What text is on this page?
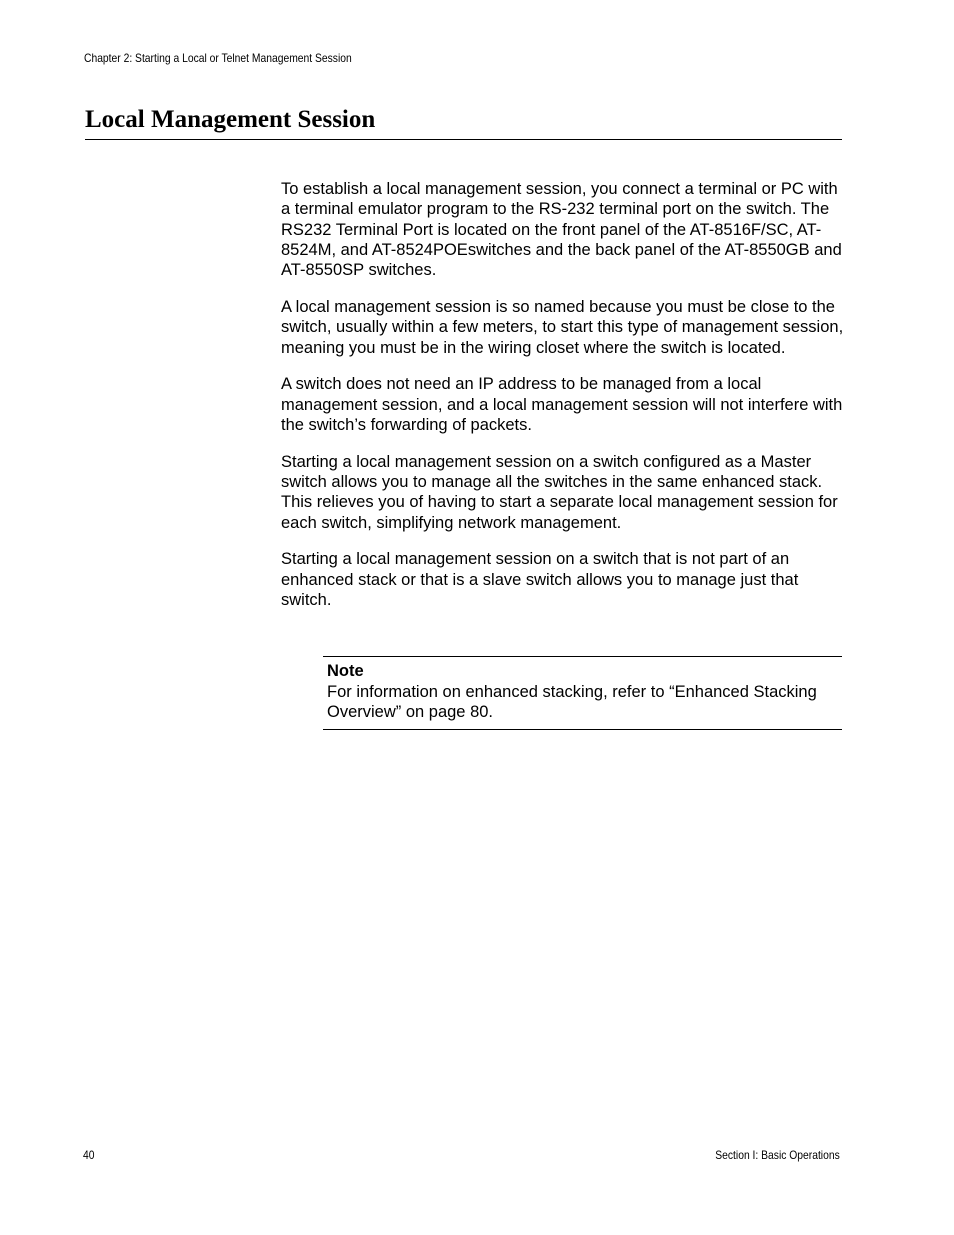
Chapter 2: Starting a Local or Telnet Management Session
Local Management Session

To establish a local management session, you connect a terminal or PC with a terminal emulator program to the RS-232 terminal port on the switch. The RS232 Terminal Port is located on the front panel of the AT-8516F/SC, AT-8524M, and AT-8524POEswitches and the back panel of the AT-8550GB and AT-8550SP switches.

A local management session is so named because you must be close to the switch, usually within a few meters, to start this type of management session, meaning you must be in the wiring closet where the switch is located.

A switch does not need an IP address to be managed from a local management session, and a local management session will not interfere with the switch’s forwarding of packets.

Starting a local management session on a switch configured as a Master switch allows you to manage all the switches in the same enhanced stack. This relieves you of having to start a separate local management session for each switch, simplifying network management.

Starting a local management session on a switch that is not part of an enhanced stack or that is a slave switch allows you to manage just that switch.

Note
For information on enhanced stacking, refer to “Enhanced Stacking Overview” on page 80.
40	Section I: Basic Operations
